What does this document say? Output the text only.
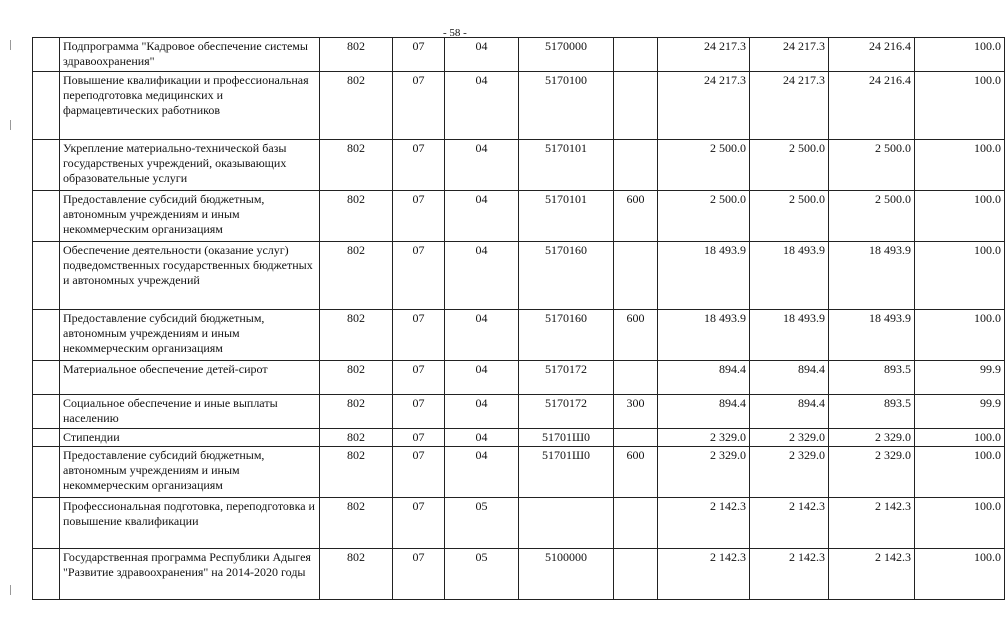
- 58 -
	Подпрограмма "Кадровое обеспечение системы здравоохранения"	802	07	04	5170000		24 217.3	24 217.3	24 216.4	100.0
	Повышение квалификации и профессиональная переподготовка медицинских и фармацевтических работников	802	07	04	5170100		24 217.3	24 217.3	24 216.4	100.0
	Укрепление материально-технической базы государственых учреждений, оказывающих образовательные услуги	802	07	04	5170101		2 500.0	2 500.0	2 500.0	100.0
	Предоставление субсидий бюджетным, автономным учреждениям и иным некоммерческим организациям	802	07	04	5170101	600	2 500.0	2 500.0	2 500.0	100.0
	Обеспечение деятельности (оказание услуг) подведомственных государственных бюджетных и автономных учреждений	802	07	04	5170160		18 493.9	18 493.9	18 493.9	100.0
	Предоставление субсидий бюджетным, автономным учреждениям и иным некоммерческим организациям	802	07	04	5170160	600	18 493.9	18 493.9	18 493.9	100.0
	Материальное обеспечение детей-сирот	802	07	04	5170172		894.4	894.4	893.5	99.9
	Социальное обеспечение и иные выплаты населению	802	07	04	5170172	300	894.4	894.4	893.5	99.9
	Стипендии	802	07	04	51701Ш0		2 329.0	2 329.0	2 329.0	100.0
	Предоставление субсидий бюджетным, автономным учреждениям и иным некоммерческим организациям	802	07	04	51701Ш0	600	2 329.0	2 329.0	2 329.0	100.0
	Профессиональная подготовка, переподготовка и повышение квалификации	802	07	05			2 142.3	2 142.3	2 142.3	100.0
	Государственная программа Республики Адыгея "Развитие здравоохранения" на 2014-2020 годы	802	07	05	5100000		2 142.3	2 142.3	2 142.3	100.0
